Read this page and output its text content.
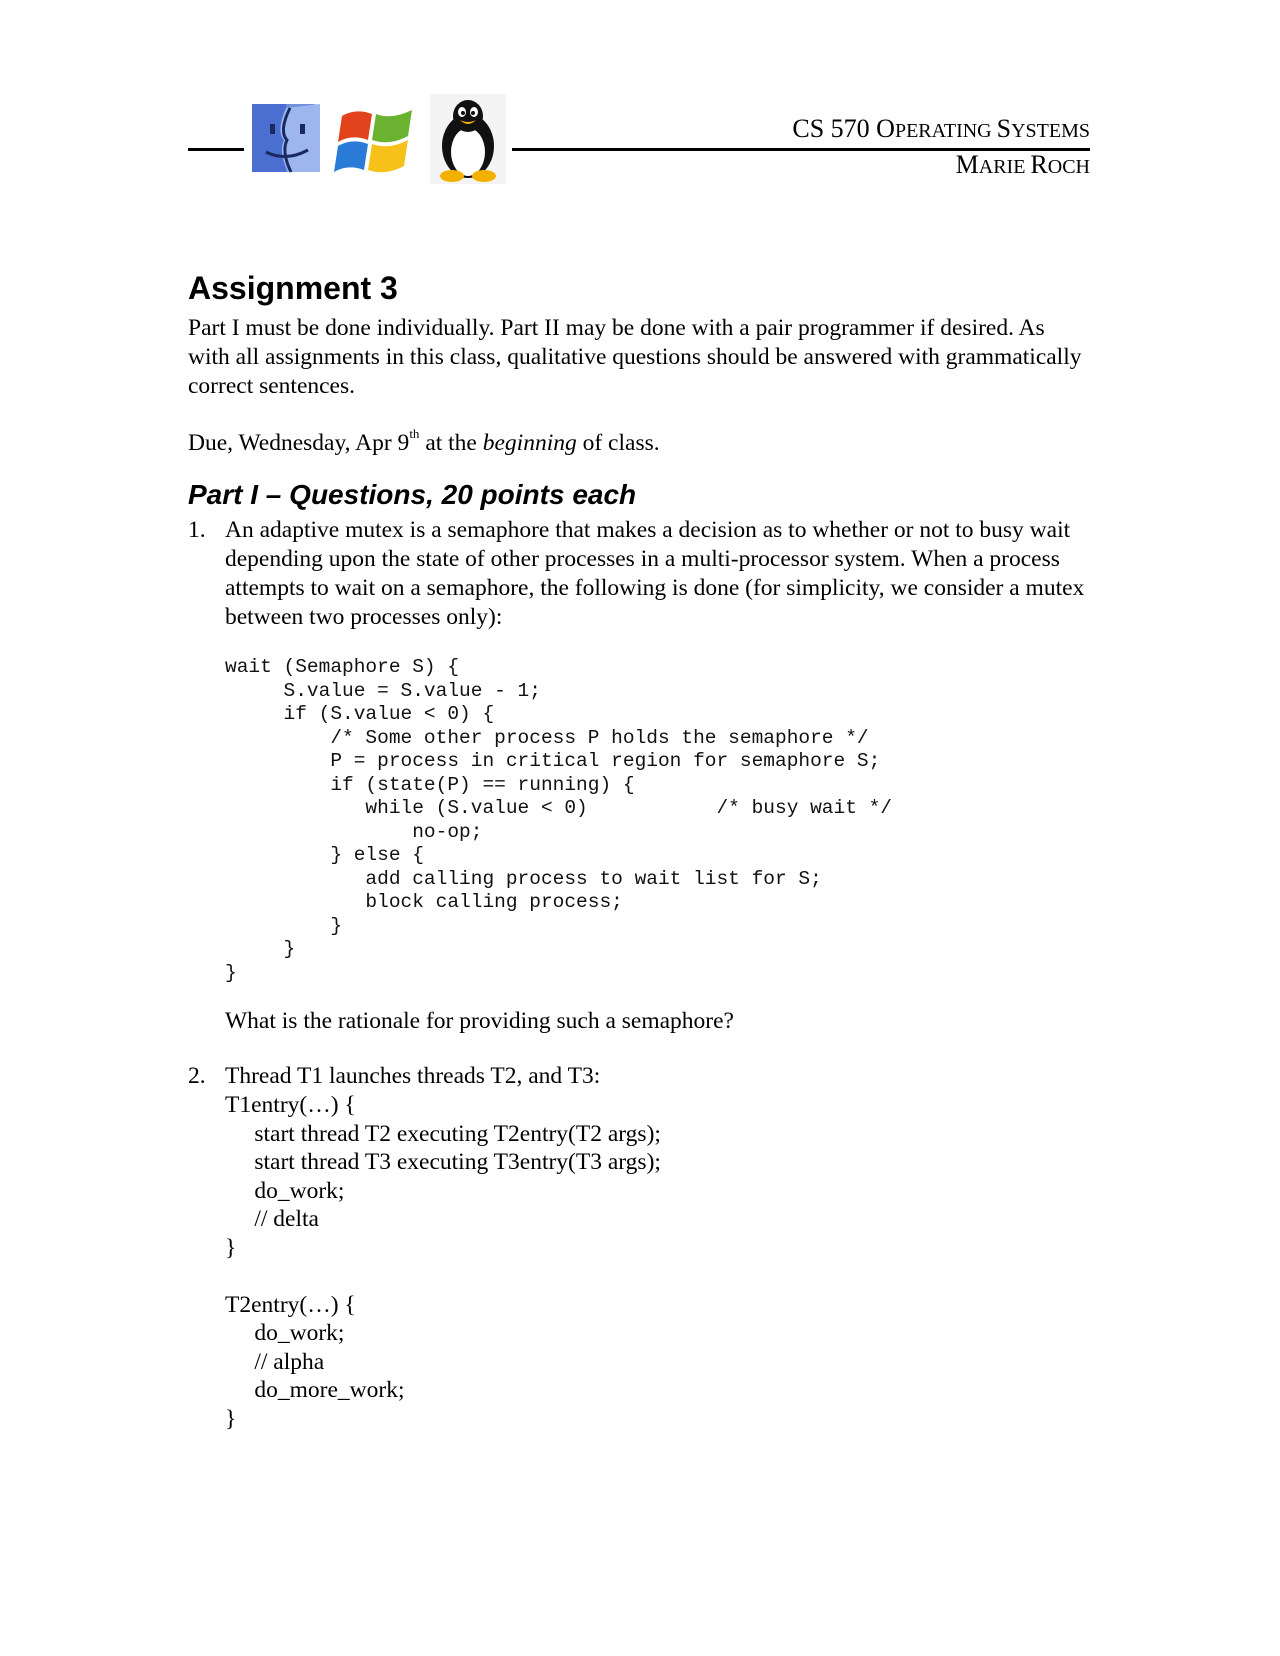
CS 570 OPERATING SYSTEMS
MARIE ROCH
Assignment 3

Part I must be done individually. Part II may be done with a pair programmer if desired. As with all assignments in this class, qualitative questions should be answered with grammatically correct sentences.

Due, Wednesday, Apr 9th at the beginning of class.

Part I – Questions, 20 points each
1. An adaptive mutex is a semaphore that makes a decision as to whether or not to busy wait depending upon the state of other processes in a multi-processor system. When a process attempts to wait on a semaphore, the following is done (for simplicity, we consider a mutex between two processes only):

wait (Semaphore S) {
S.value = S.value - 1;
if (S.value < 0) {
/* Some other process P holds the semaphore */
P = process in critical region for semaphore S;
if (state(P) == running) {
while (S.value < 0)           /* busy wait */
no-op;
} else {
add calling process to wait list for S;
block calling process;
}
}
}

What is the rationale for providing such a semaphore?

2. Thread T1 launches threads T2, and T3:

T1entry(…) {
start thread T2 executing T2entry(T2 args);
start thread T3 executing T3entry(T3 args);
do_work;
// delta
}

T2entry(…) {
do_work;
// alpha
do_more_work;
}
